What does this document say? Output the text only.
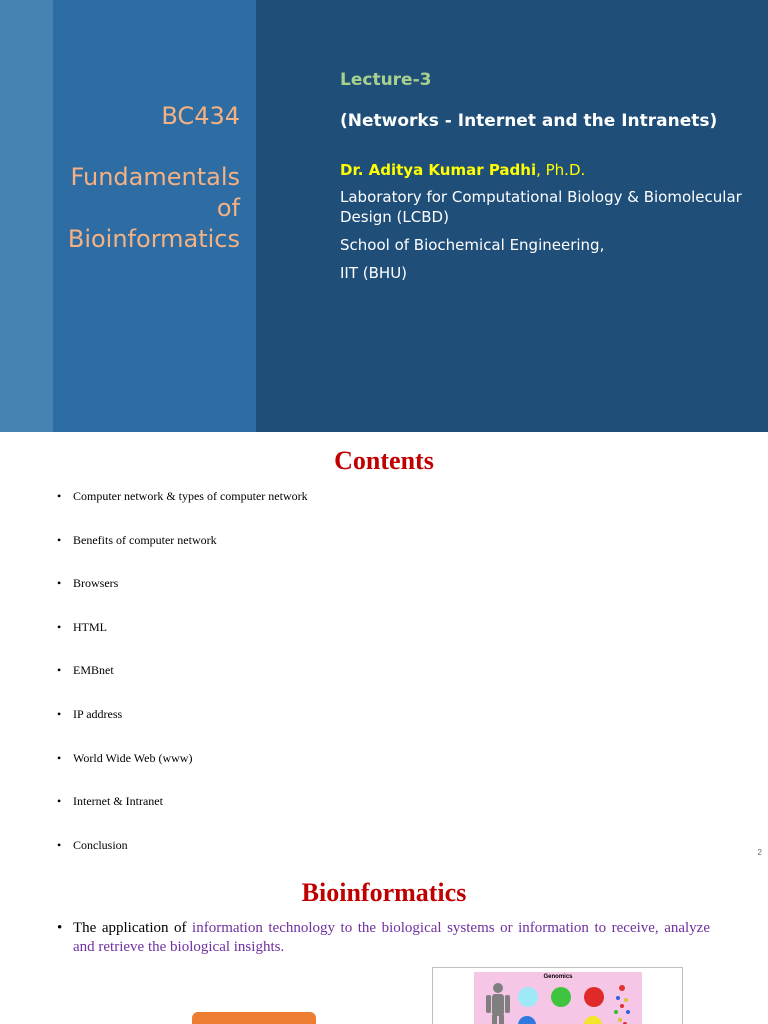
BC434
Fundamentals
of
Bioinformatics
Lecture-3
(Networks - Internet and the Intranets)
Dr. Aditya Kumar Padhi, Ph.D.
Laboratory for Computational Biology & Biomolecular Design (LCBD)
School of Biochemical Engineering,
IIT (BHU)
Contents
• Computer network & types of computer network
• Benefits of computer network
• Browsers
• HTML
• EMBnet
• IP address
• World Wide Web (www)
• Internet & Intranet
• Conclusion
2
Bioinformatics
• The application of information technology to the biological systems or information to receive, analyze and retrieve the biological insights.
Genomics
